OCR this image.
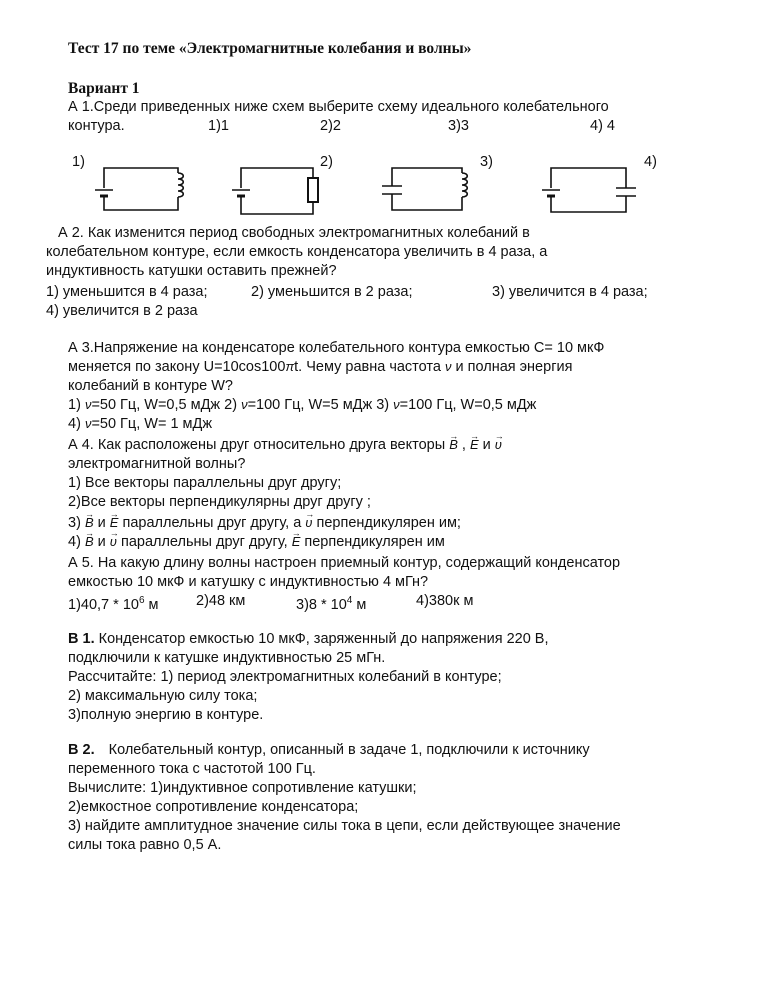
Тест 17 по теме «Электромагнитные колебания и волны»
Вариант 1
А 1.Среди приведенных ниже схем выберите схему идеального колебательного
контура.	1)1	2)2	3)3	4) 4
1)	2)	3)	4)
А 2. Как изменится период свободных электромагнитных колебаний в
колебательном контуре, если емкость конденсатора увеличить в 4 раза, а
индуктивность катушки оставить прежней?
1) уменьшится в 4 раза;	2) уменьшится в 2 раза;	3) увеличится в 4 раза;
4) увеличится в 2 раза
А 3.Напряжение на конденсаторе колебательного контура емкостью С= 10 мкФ
меняется по закону U=10cos100πt. Чему равна частота ν и полная энергия
колебаний в контуре W?
1) ν=50 Гц, W=0,5 мДж 2) ν=100 Гц, W=5 мДж 3) ν=100 Гц, W=0,5 мДж
4) ν=50 Гц, W= 1 мДж
А 4. Как расположены друг относительно друга векторы → B , → E и → υ
электромагнитной волны?
1) Все векторы параллельны друг другу;
2)Все векторы перпендикулярны друг другу ;
3) → B и → E параллельны друг другу, а → υ перпендикулярен им;
4) → B и → υ параллельны друг другу, → E перпендикулярен им
А 5. На какую длину волны настроен приемный контур, содержащий конденсатор
емкостью 10 мкФ и катушку с индуктивностью 4 мГн?
$1)40,7 * 10^6$ м	2)48 км	$3)8 * 10^4$ м	4)380к м
В 1. Конденсатор емкостью 10 мкФ, заряженный до напряжения 220 В,
подключили к катушке индуктивностью 25 мГн.
Рассчитайте: 1) период электромагнитных колебаний в контуре;
2) максимальную силу тока;
3)полную энергию в контуре.
В 2. Колебательный контур, описанный в задаче 1, подключили к источнику
переменного тока с частотой 100 Гц.
Вычислите: 1)индуктивное сопротивление катушки;
2)емкостное сопротивление конденсатора;
3) найдите амплитудное значение силы тока в цепи, если действующее значение
силы тока равно 0,5 А.
